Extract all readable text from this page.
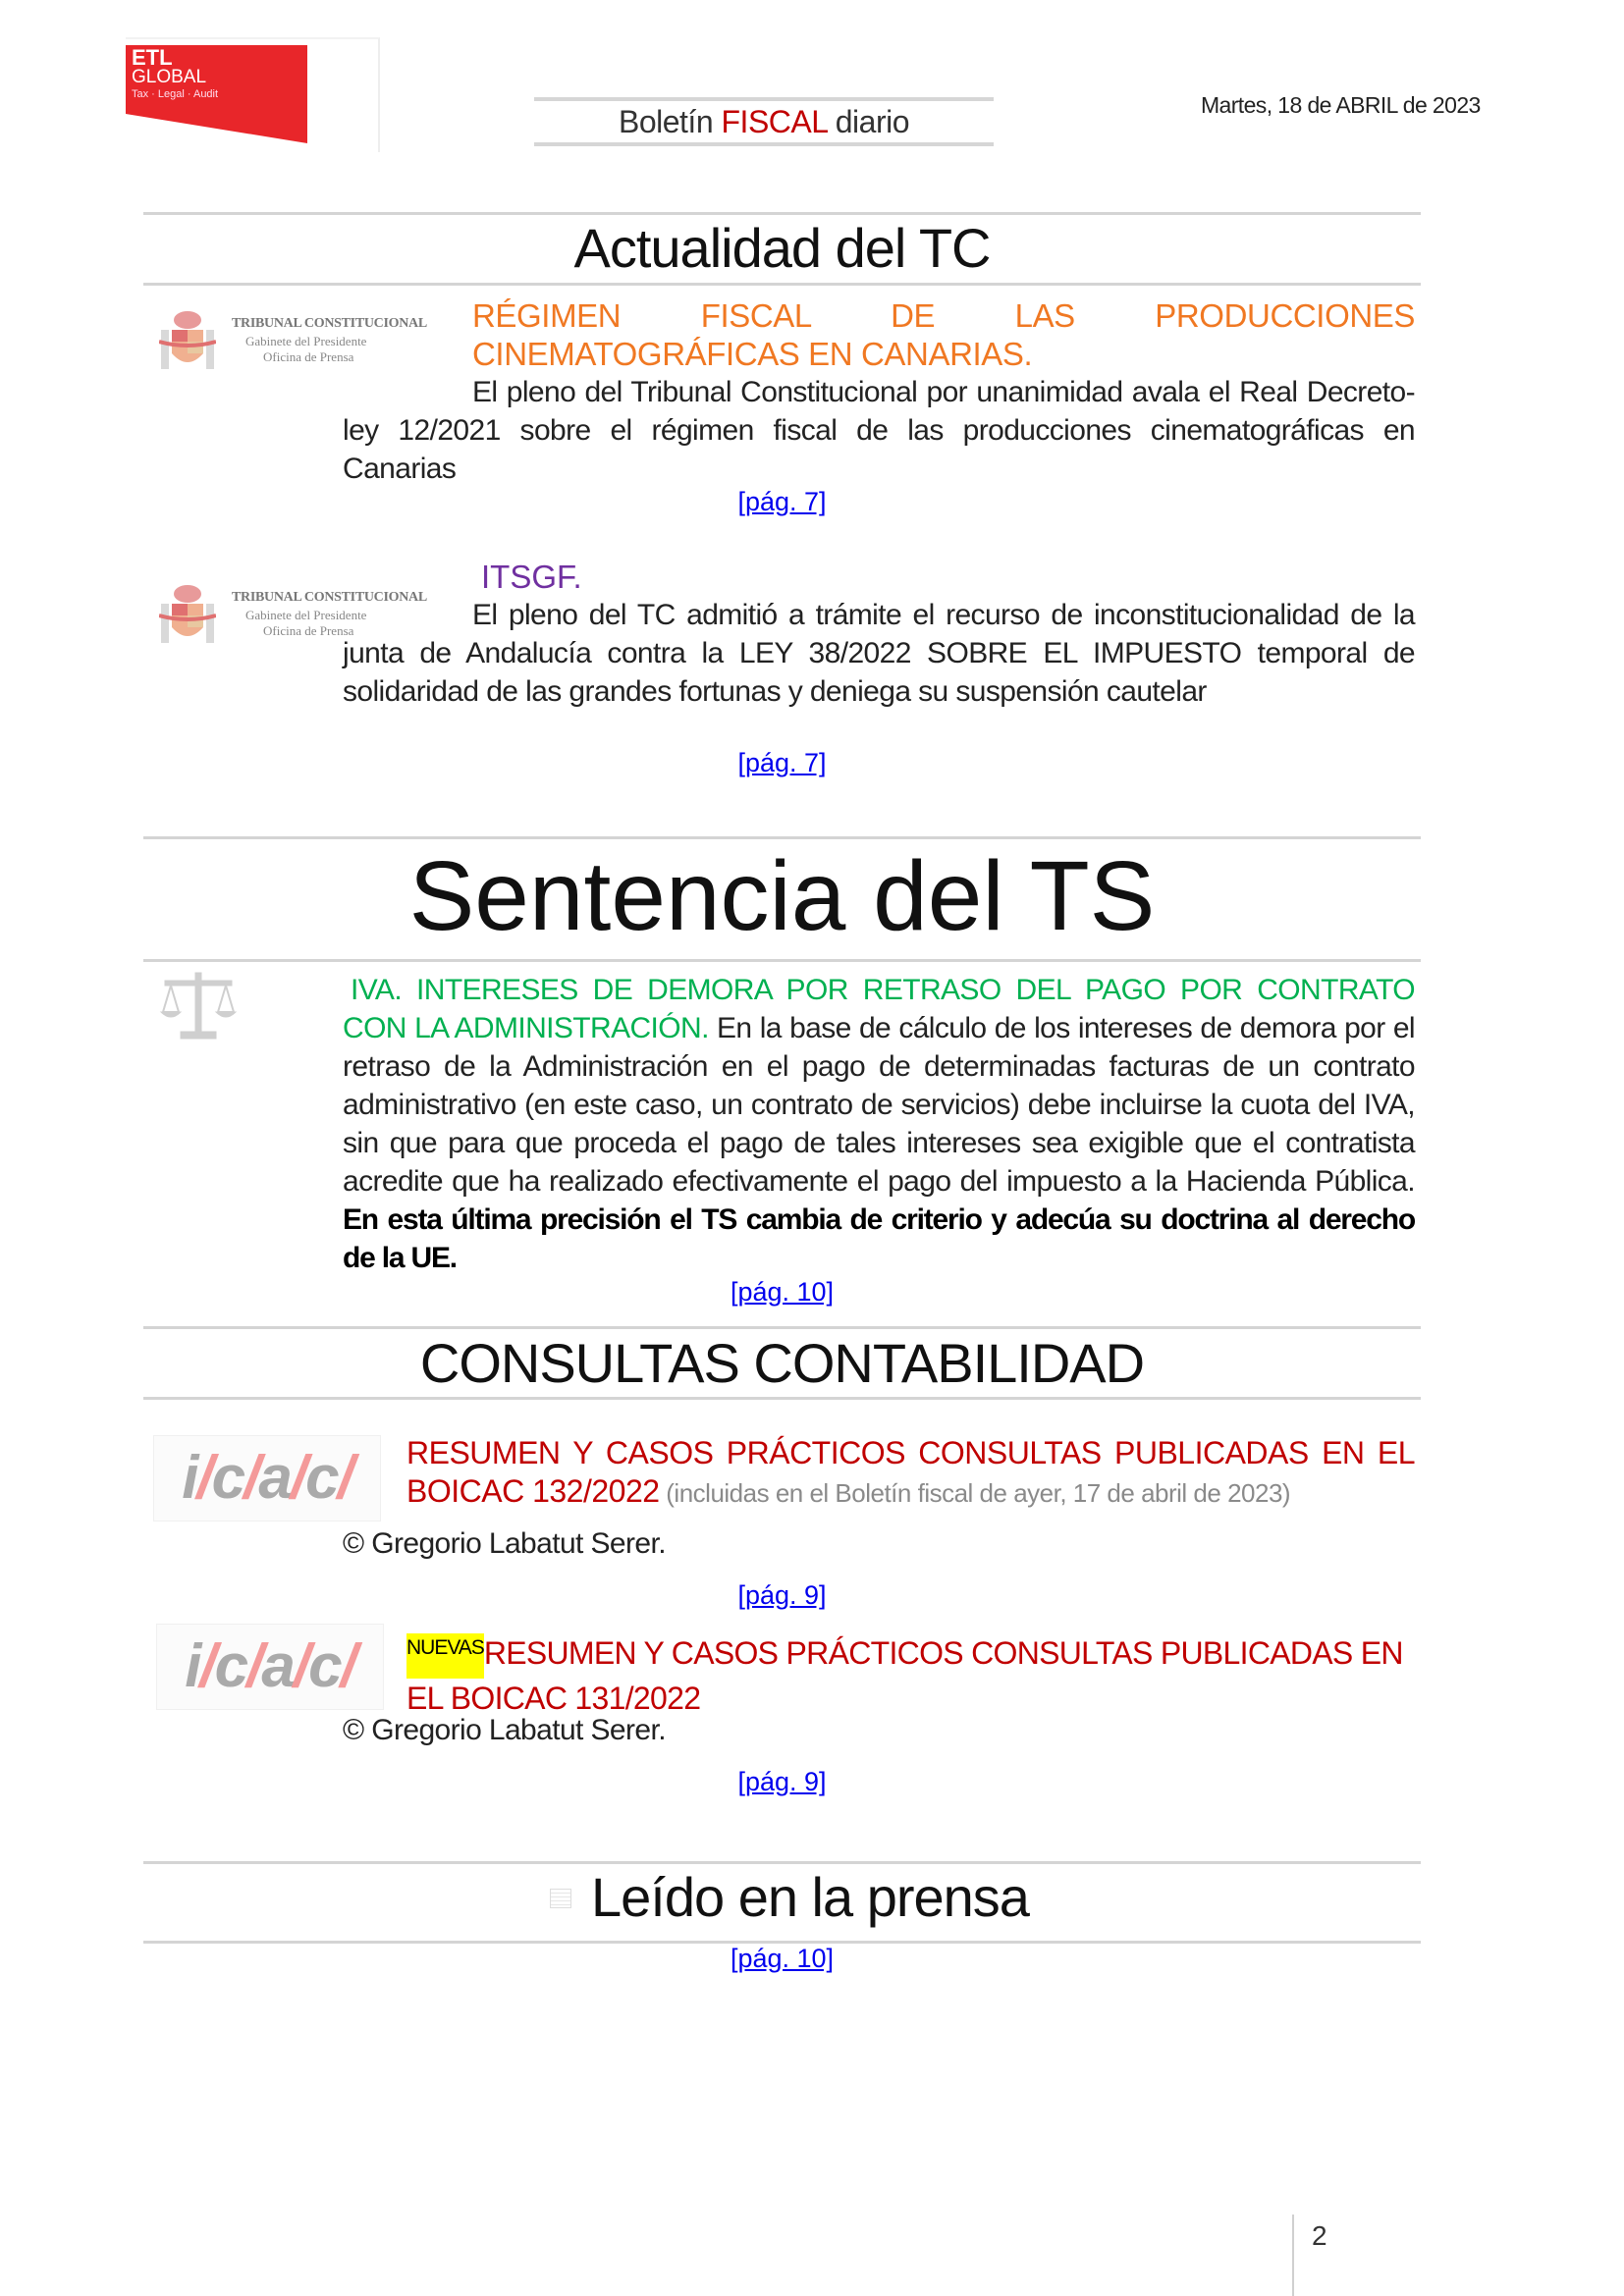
ETL
GLOBAL
Tax · Legal · Audit
Boletín FISCAL diario	Martes, 18 de ABRIL de 2023
Actualidad del TC
TRIBUNAL CONSTITUCIONAL
Gabinete del Presidente
Oficina de Prensa
RÉGIMEN FISCAL DE LAS PRODUCCIONES CINEMATOGRÁFICAS EN CANARIAS.
El pleno del Tribunal Constitucional por unanimidad avala el Real Decreto-ley 12/2021 sobre el régimen fiscal de las producciones cinematográficas en Canarias
[pág. 7]
TRIBUNAL CONSTITUCIONAL
Gabinete del Presidente
Oficina de Prensa
ITSGF.
El pleno del TC admitió a trámite el recurso de inconstitucionalidad de la junta de Andalucía contra la LEY 38/2022 SOBRE EL IMPUESTO temporal de solidaridad de las grandes fortunas y deniega su suspensión cautelar
[pág. 7]
Sentencia del TS
IVA. INTERESES DE DEMORA POR RETRASO DEL PAGO POR CONTRATO CON LA ADMINISTRACIÓN. En la base de cálculo de los intereses de demora por el retraso de la Administración en el pago de determinadas facturas de un contrato administrativo (en este caso, un contrato de servicios) debe incluirse la cuota del IVA, sin que para que proceda el pago de tales intereses sea exigible que el contratista acredite que ha realizado efectivamente el pago del impuesto a la Hacienda Pública. En esta última precisión el TS cambia de criterio y adecúa su doctrina al derecho de la UE.
[pág. 10]
CONSULTAS CONTABILIDAD
i/c/a/c/	RESUMEN Y CASOS PRÁCTICOS CONSULTAS PUBLICADAS EN EL BOICAC 132/2022 (incluidas en el Boletín fiscal de ayer, 17 de abril de 2023)
© Gregorio Labatut Serer.
[pág. 9]
i/c/a/c/	NUEVASRESUMEN Y CASOS PRÁCTICOS CONSULTAS PUBLICADAS EN EL BOICAC 131/2022
© Gregorio Labatut Serer.
[pág. 9]
Leído en la prensa
[pág. 10]
2
